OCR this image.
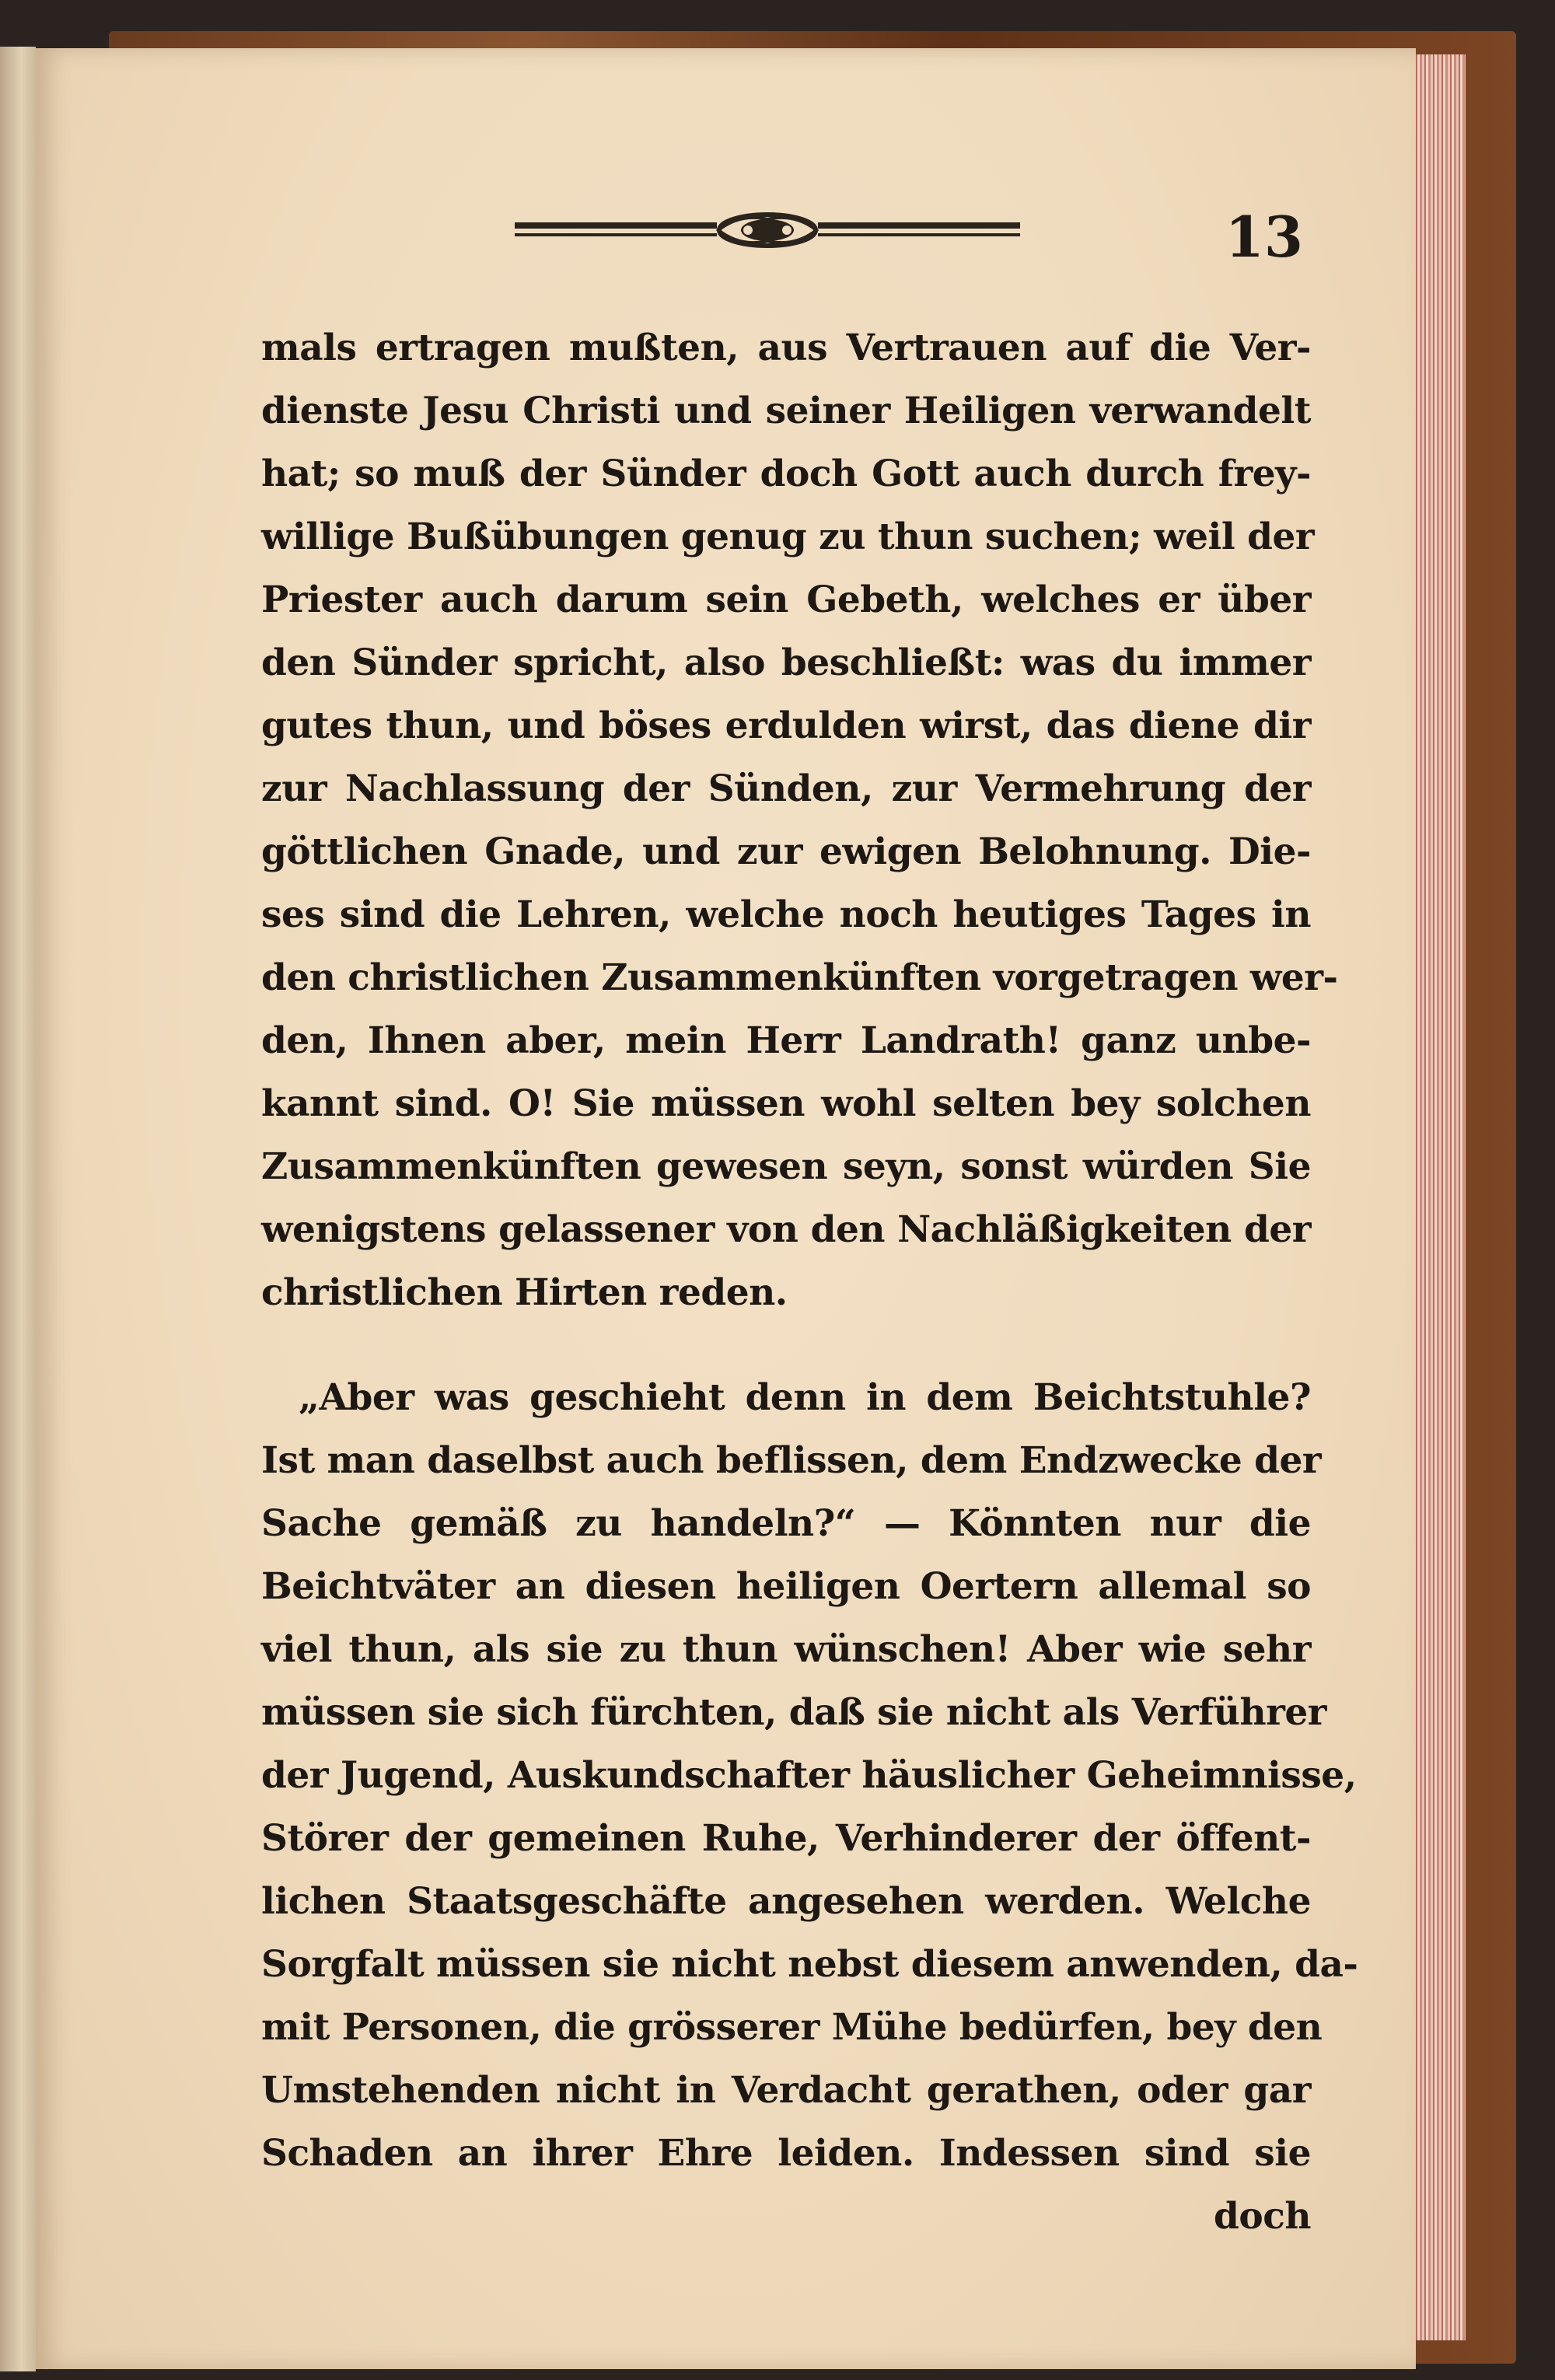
13
mals ertragen mußten, aus Vertrauen auf die Ver-
dienste Jesu Christi und seiner Heiligen verwandelt
hat; so muß der Sünder doch Gott auch durch frey-
willige Bußübungen genug zu thun suchen; weil der
Priester auch darum sein Gebeth, welches er über
den Sünder spricht, also beschließt: was du immer
gutes thun, und böses erdulden wirst, das diene dir
zur Nachlassung der Sünden, zur Vermehrung der
göttlichen Gnade, und zur ewigen Belohnung. Die-
ses sind die Lehren, welche noch heutiges Tages in
den christlichen Zusammenkünften vorgetragen wer-
den, Ihnen aber, mein Herr Landrath! ganz unbe-
kannt sind. O! Sie müssen wohl selten bey solchen
Zusammenkünften gewesen seyn, sonst würden Sie
wenigstens gelassener von den Nachläßigkeiten der
christlichen Hirten reden.
„Aber was geschieht denn in dem Beichtstuhle?
Ist man daselbst auch beflissen, dem Endzwecke der
Sache gemäß zu handeln?“ — Könnten nur die
Beichtväter an diesen heiligen Oertern allemal so
viel thun, als sie zu thun wünschen! Aber wie sehr
müssen sie sich fürchten, daß sie nicht als Verführer
der Jugend, Auskundschafter häuslicher Geheimnisse,
Störer der gemeinen Ruhe, Verhinderer der öffent-
lichen Staatsgeschäfte angesehen werden. Welche
Sorgfalt müssen sie nicht nebst diesem anwenden, da-
mit Personen, die grösserer Mühe bedürfen, bey den
Umstehenden nicht in Verdacht gerathen, oder gar
Schaden an ihrer Ehre leiden. Indessen sind sie
doch
